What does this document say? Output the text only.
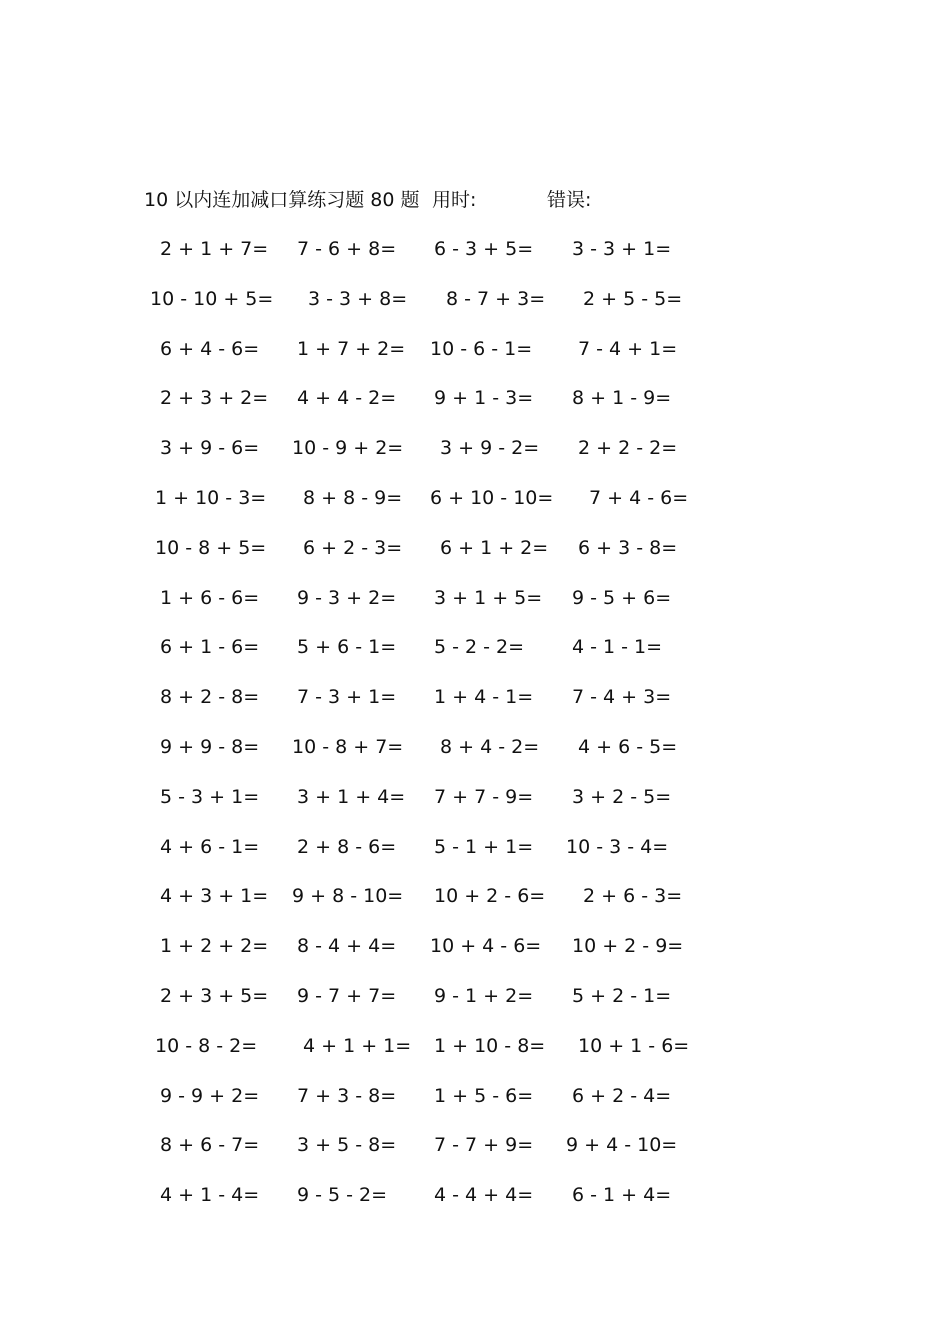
10 以内连加减口算练习题 80 题 用时:	错误:
2 + 1 + 7= 7 - 6 + 8= 6 - 3 + 5= 3 - 3 + 1=
10 - 10 + 5= 3 - 3 + 8= 8 - 7 + 3= 2 + 5 - 5=
6 + 4 - 6= 1 + 7 + 2= 10 - 6 - 1= 7 - 4 + 1=
2 + 3 + 2= 4 + 4 - 2= 9 + 1 - 3= 8 + 1 - 9=
3 + 9 - 6= 10 - 9 + 2= 3 + 9 - 2= 2 + 2 - 2=
1 + 10 - 3= 8 + 8 - 9= 6 + 10 - 10= 7 + 4 - 6=
10 - 8 + 5= 6 + 2 - 3= 6 + 1 + 2= 6 + 3 - 8=
1 + 6 - 6= 9 - 3 + 2= 3 + 1 + 5= 9 - 5 + 6=
6 + 1 - 6= 5 + 6 - 1= 5 - 2 - 2=	4 - 1 - 1=
8 + 2 - 8= 7 - 3 + 1= 1 + 4 - 1= 7 - 4 + 3=
9 + 9 - 8= 10 - 8 + 7= 8 + 4 - 2= 4 + 6 - 5=
5 - 3 + 1= 3 + 1 + 4= 7 + 7 - 9= 3 + 2 - 5=
4 + 6 - 1= 2 + 8 - 6= 5 - 1 + 1= 10 - 3 - 4=
4 + 3 + 1= 9 + 8 - 10= 10 + 2 - 6= 2 + 6 - 3=
1 + 2 + 2= 8 - 4 + 4= 10 + 4 - 6= 10 + 2 - 9=
2 + 3 + 5= 9 - 7 + 7= 9 - 1 + 2= 5 + 2 - 1=
10 - 8 - 2= 4 + 1 + 1= 1 + 10 - 8= 10 + 1 - 6=
9 - 9 + 2= 7 + 3 - 8= 1 + 5 - 6= 6 + 2 - 4=
8 + 6 - 7= 3 + 5 - 8= 7 - 7 + 9= 9 + 4 - 10=
4 + 1 - 4= 9 - 5 - 2= 4 - 4 + 4= 6 - 1 + 4=
